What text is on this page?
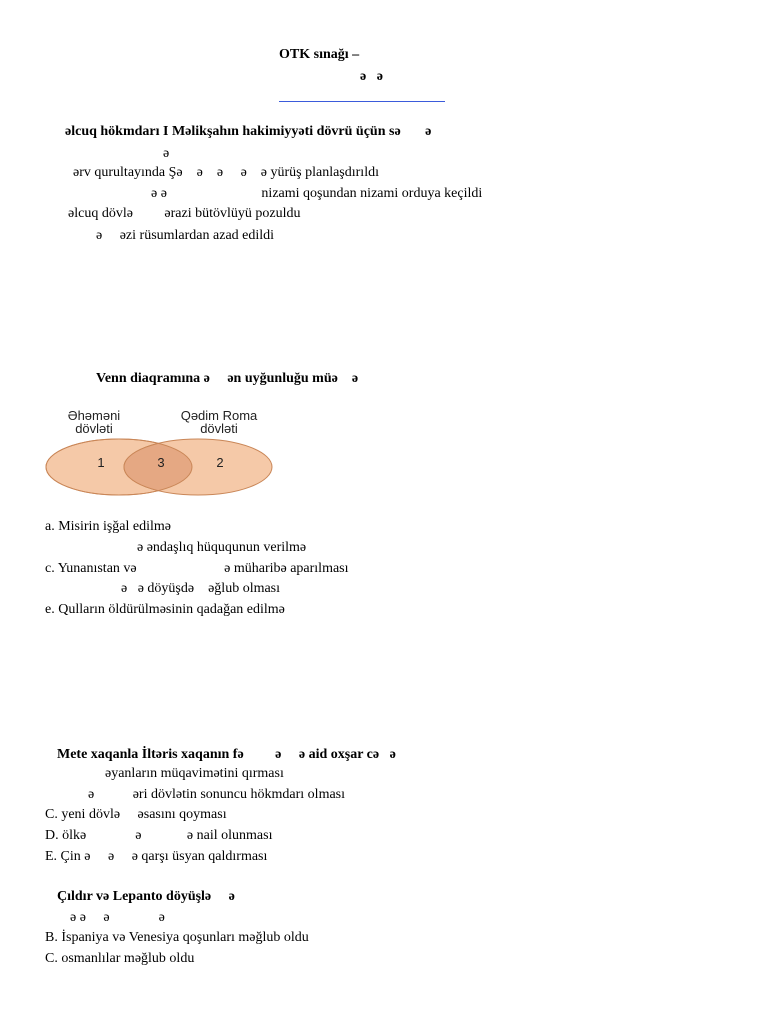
OTK sınağı –
ə   ə
əlcuq hökmdarı I Məlikşahın hakimiyyəti dövrü üçün sə       ə
ə
ərv qurultayında Şə    ə    ə     ə    ə yürüş planlaşdırıldı
ə ə                           nizami qoşundan nizami orduya keçildi
əlcuq dövlə         ərazi bütövlüyü pozuldu
ə     əzi rüsumlardan azad edildi
Venn diaqramına ə     ən uyğunluğu müə    ə
Əhəməni
dövləti
Qədim Roma
dövləti
1	3	2
a. Misirin işğal edilmə
ə əndaşlıq hüququnun verilmə
c. Yunanıstan və                         ə müharibə aparılması
ə   ə döyüşdə    əğlub olması
e. Qulların öldürülməsinin qadağan edilmə
Mete xaqanla İltəris xaqanın fə         ə     ə aid oxşar cə   ə
əyanların müqavimətini qırması
ə           əri dövlətin sonuncu hökmdarı olması
C. yeni dövlə     əsasını qoyması
D. ölkə              ə             ə nail olunması
E. Çin ə     ə     ə qarşı üsyan qaldırması
Çıldır və Lepanto döyüşlə     ə
ə ə     ə              ə
B. İspaniya və Venesiya qoşunları məğlub oldu
C. osmanlılar məğlub oldu
